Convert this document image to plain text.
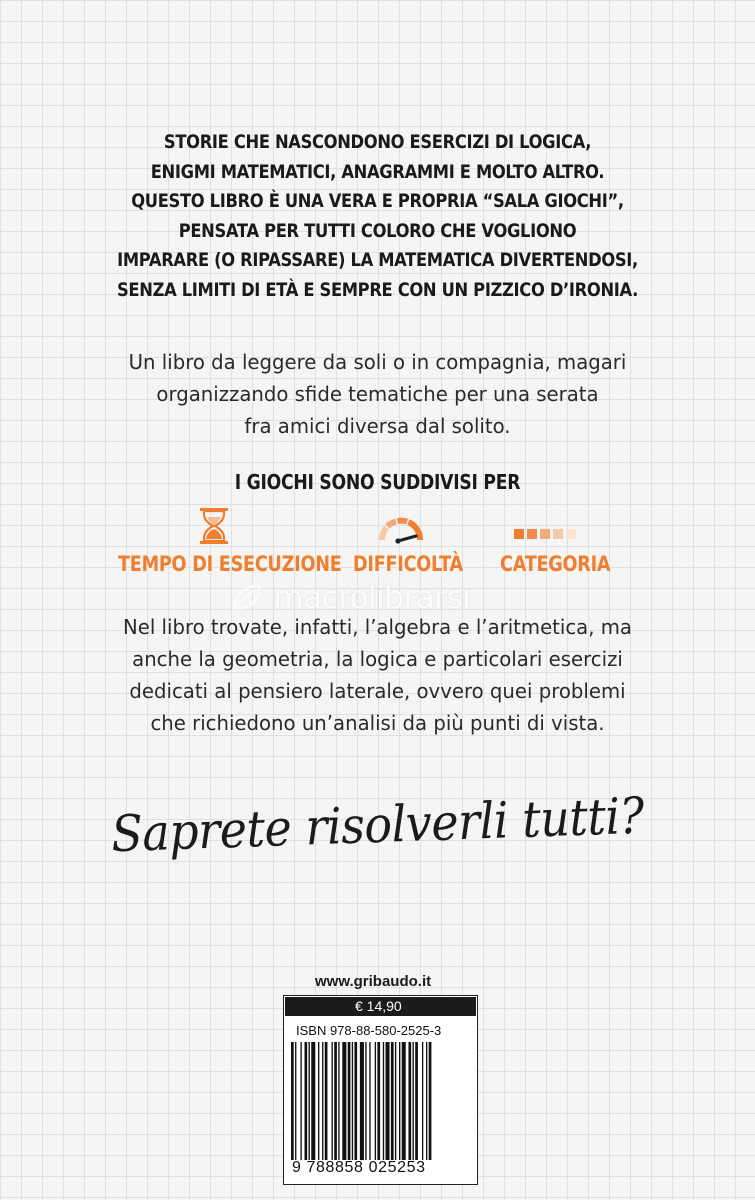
STORIE CHE NASCONDONO ESERCIZI DI LOGICA,
ENIGMI MATEMATICI, ANAGRAMMI E MOLTO ALTRO.
QUESTO LIBRO È UNA VERA E PROPRIA “SALA GIOCHI”,
PENSATA PER TUTTI COLORO CHE VOGLIONO
IMPARARE (O RIPASSARE) LA MATEMATICA DIVERTENDOSI,
SENZA LIMITI DI ETÀ E SEMPRE CON UN PIZZICO D’IRONIA.
Un libro da leggere da soli o in compagnia, magari
organizzando sfide tematiche per una serata
fra amici diversa dal solito.
I GIOCHI SONO SUDDIVISI PER
TEMPO DI ESECUZIONE DIFFICOLTÀ CATEGORIA
macrolibrarsi
Nel libro trovate, infatti, l’algebra e l’aritmetica, ma
anche la geometria, la logica e particolari esercizi
dedicati al pensiero laterale, ovvero quei problemi
che richiedono un’analisi da più punti di vista.
Saprete risolverli tutti?
www.gribaudo.it
€ 14,90
ISBN 978-88-580-2525-3
9 788858 025253
